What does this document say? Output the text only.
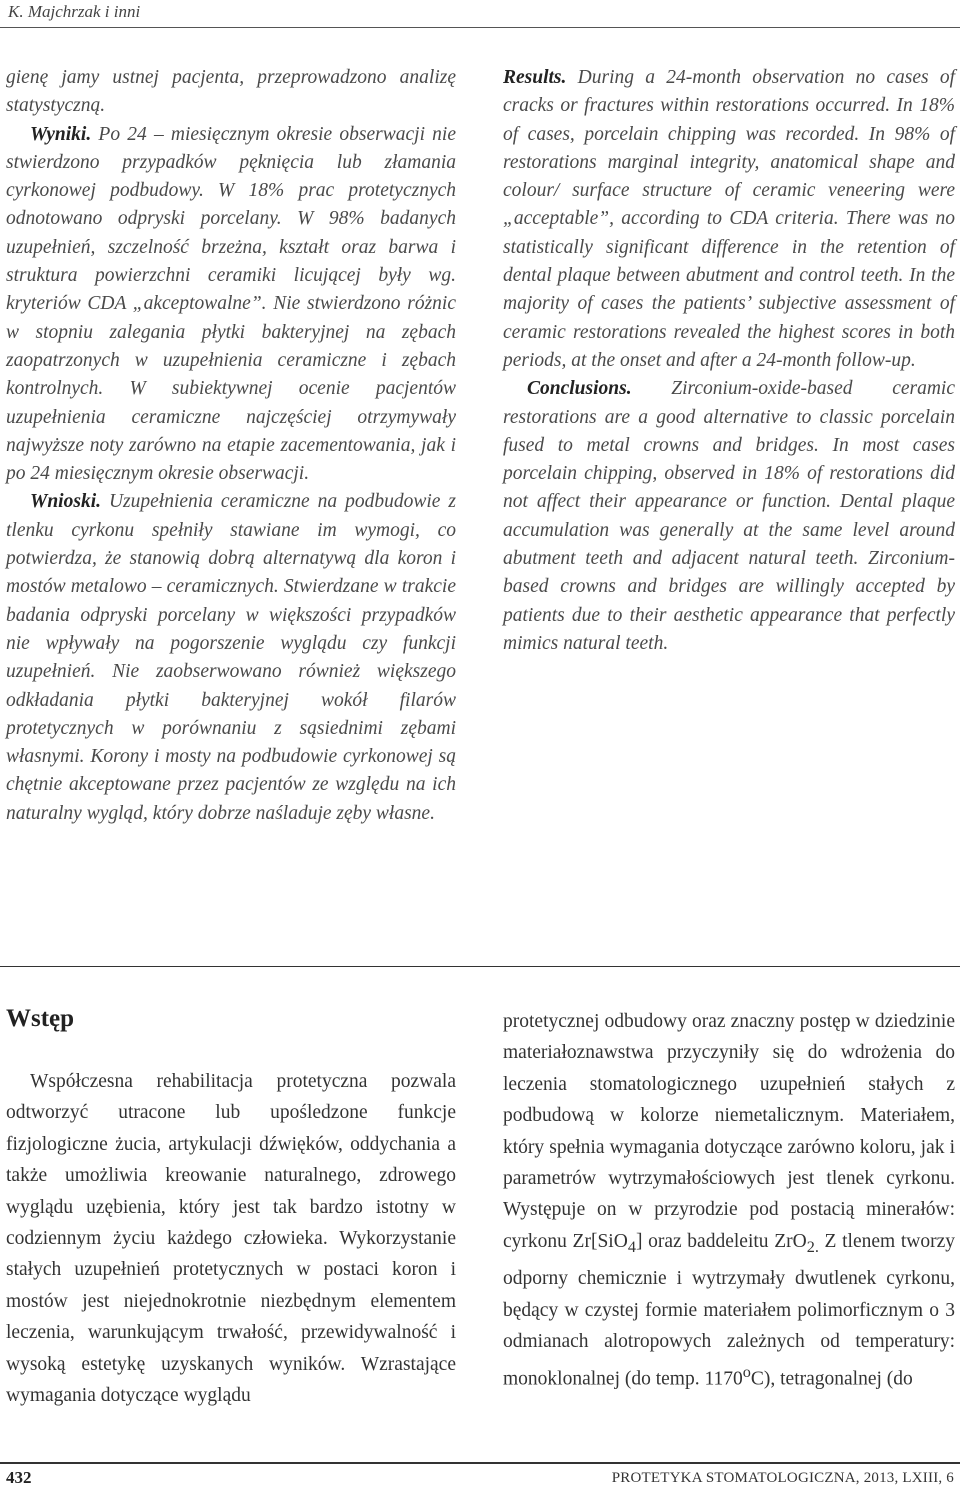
K. Majchrzak i inni

gienę jamy ustnej pacjenta, przeprowadzono analizę statystyczną.

Wyniki. Po 24 – miesięcznym okresie obserwacji nie stwierdzono przypadków pęknięcia lub złamania cyrkonowej podbudowy. W 18% prac protetycznych odnotowano odpryski porcelany. W 98% badanych uzupełnień, szczelność brzeżna, kształt oraz barwa i struktura powierzchni ceramiki licującej były wg. kryteriów CDA „akceptowalne”. Nie stwierdzono różnic w stopniu zalegania płytki bakteryjnej na zębach zaopatrzonych w uzupełnienia ceramiczne i zębach kontrolnych. W subiektywnej ocenie pacjentów uzupełnienia ceramiczne najczęściej otrzymywały najwyższe noty zarówno na etapie zacementowania, jak i po 24 miesięcznym okresie obserwacji.

Wnioski. Uzupełnienia ceramiczne na podbudowie z tlenku cyrkonu spełniły stawiane im wymogi, co potwierdza, że stanowią dobrą alternatywą dla koron i mostów metalowo – ceramicznych. Stwierdzane w trakcie badania odpryski porcelany w większości przypadków nie wpływały na pogorszenie wyglądu czy funkcji uzupełnień. Nie zaobserwowano również większego odkładania płytki bakteryjnej wokół filarów protetycznych w porównaniu z sąsiednimi zębami własnymi. Korony i mosty na podbudowie cyrkonowej są chętnie akceptowane przez pacjentów ze względu na ich naturalny wygląd, który dobrze naśladuje zęby własne.

Results. During a 24-month observation no cases of cracks or fractures within restorations occurred. In 18% of cases, porcelain chipping was recorded. In 98% of restorations marginal integrity, anatomical shape and colour/ surface structure of ceramic veneering were „acceptable”, according to CDA criteria. There was no statistically significant difference in the retention of dental plaque between abutment and control teeth. In the majority of cases the patients’ subjective assessment of ceramic restorations revealed the highest scores in both periods, at the onset and after a 24-month follow-up.

Conclusions. Zirconium-oxide-based ceramic restorations are a good alternative to classic porcelain fused to metal crowns and bridges. In most cases porcelain chipping, observed in 18% of restorations did not affect their appearance or function. Dental plaque accumulation was generally at the same level around abutment teeth and adjacent natural teeth. Zirconium-based crowns and bridges are willingly accepted by patients due to their aesthetic appearance that perfectly mimics natural teeth.

Wstęp

Współczesna rehabilitacja protetyczna pozwala odtworzyć utracone lub upośledzone funkcje fizjologiczne żucia, artykulacji dźwięków, oddychania a także umożliwia kreowanie naturalnego, zdrowego wyglądu uzębienia, który jest tak bardzo istotny w codziennym życiu każdego człowieka. Wykorzystanie stałych uzupełnień protetycznych w postaci koron i mostów jest niejednokrotnie niezbędnym elementem leczenia, warunkującym trwałość, przewidywalność i wysoką estetykę uzyskanych wyników. Wzrastające wymagania dotyczące wyglądu

protetycznej odbudowy oraz znaczny postęp w dziedzinie materiałoznawstwa przyczyniły się do wdrożenia do leczenia stomatologicznego uzupełnień stałych z podbudową w kolorze niemetalicznym. Materiałem, który spełnia wymagania dotyczące zarówno koloru, jak i parametrów wytrzymałościowych jest tlenek cyrkonu. Występuje on w przyrodzie pod postacią minerałów: cyrkonu Zr[SiO$_4$] oraz baddeleitu ZrO$_{2.}$ Z tlenem tworzy odporny chemicznie i wytrzymały dwutlenek cyrkonu, będący w czystej formie materiałem polimorficznym o 3 odmianach alotropowych zależnych od temperatury: monoklonalnej (do temp. 1170$^o$C), tetragonalnej (do

432	PROTETYKA STOMATOLOGICZNA, 2013, LXIII, 6
